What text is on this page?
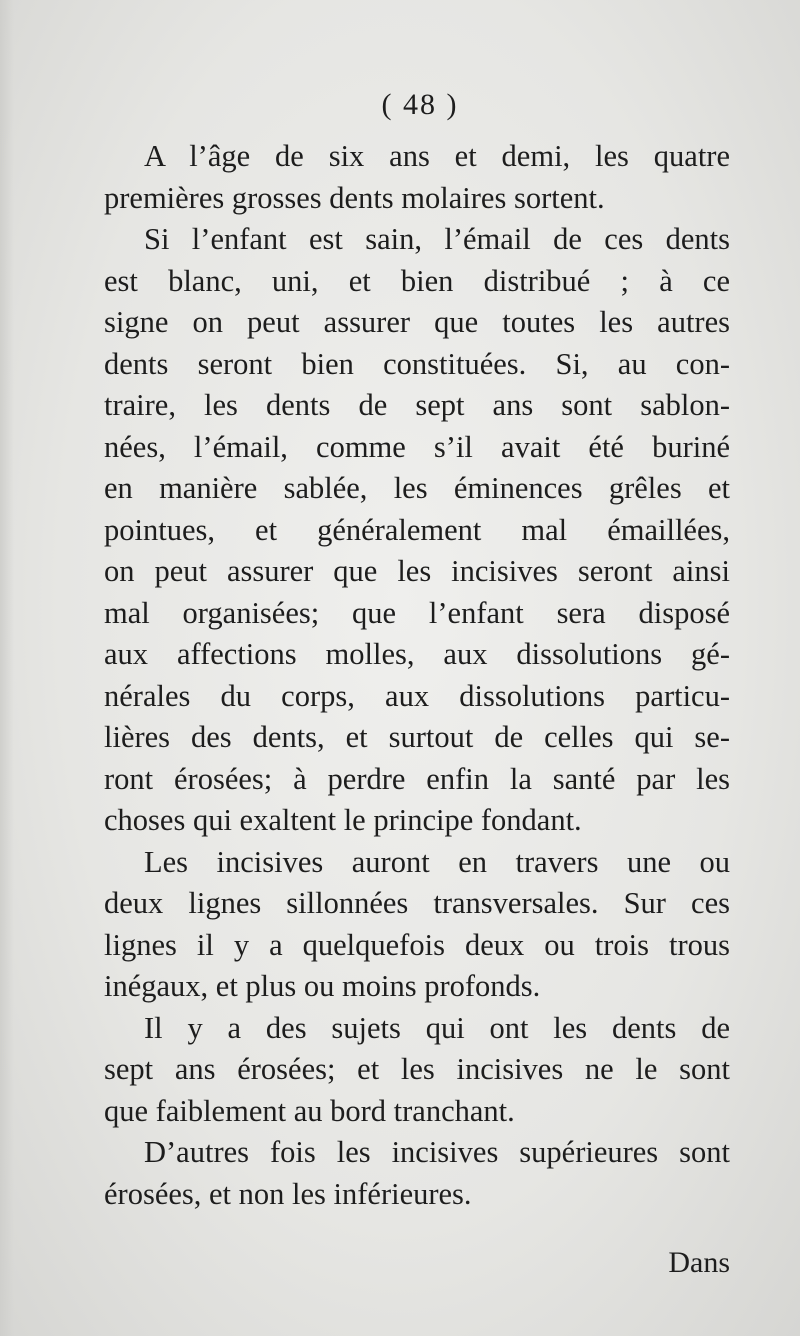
( 48 )
A l’âge de six ans et demi, les quatre
premières grosses dents molaires sortent.
Si l’enfant est sain, l’émail de ces dents
est blanc, uni, et bien distribué ; à ce
signe on peut assurer que toutes les autres
dents seront bien constituées. Si, au con-
traire, les dents de sept ans sont sablon-
nées, l’émail, comme s’il avait été buriné
en manière sablée, les éminences grêles et
pointues, et généralement mal émaillées,
on peut assurer que les incisives seront ainsi
mal organisées; que l’enfant sera disposé
aux affections molles, aux dissolutions gé-
nérales du corps, aux dissolutions particu-
lières des dents, et surtout de celles qui se-
ront érosées; à perdre enfin la santé par les
choses qui exaltent le principe fondant.
Les incisives auront en travers une ou
deux lignes sillonnées transversales. Sur ces
lignes il y a quelquefois deux ou trois trous
inégaux, et plus ou moins profonds.
Il y a des sujets qui ont les dents de
sept ans érosées; et les incisives ne le sont
que faiblement au bord tranchant.
D’autres fois les incisives supérieures sont
érosées, et non les inférieures.
Dans
